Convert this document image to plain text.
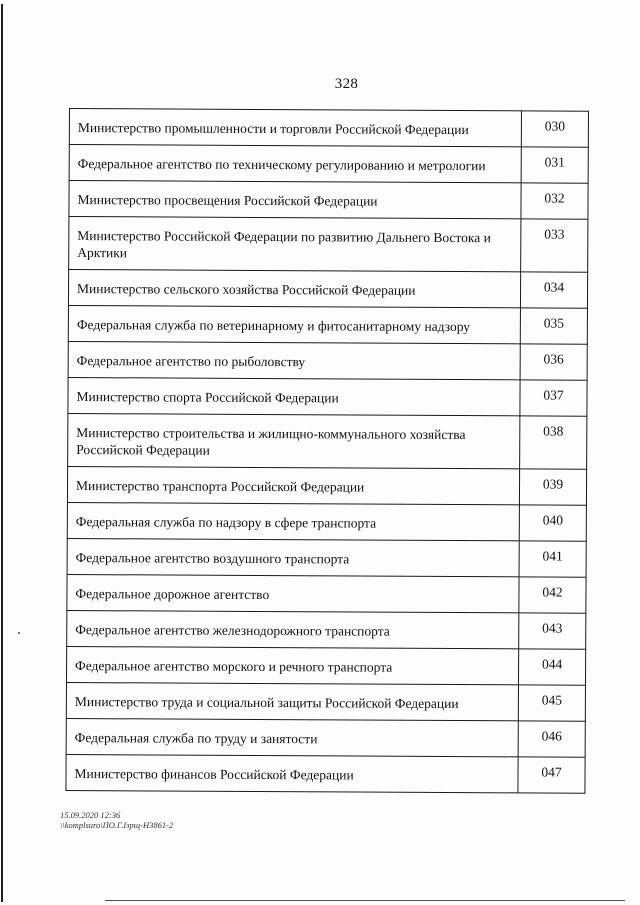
328
Министерство промышленности и торговли Российской Федерации	030
Федеральное агентство по техническому регулированию и метрологии	031
Министерство просвещения Российской Федерации	032
Министерство Российской Федерации по развитию Дальнего Востока и Арктики	033
Министерство сельского хозяйства Российской Федерации	034
Федеральная служба по ветеринарному и фитосанитарному надзору	035
Федеральное агентство по рыболовству	036
Министерство спорта Российской Федерации	037
Министерство строительства и жилищно-коммунального хозяйства Российской Федерации	038
Министерство транспорта Российской Федерации	039
Федеральная служба по надзору в сфере транспорта	040
Федеральное агентство воздушного транспорта	041
Федеральное дорожное агентство	042
Федеральное агентство железнодорожного транспорта	043
Федеральное агентство морского и речного транспорта	044
Министерство труда и социальной защиты Российской Федерации	045
Федеральная служба по труду и занятости	046
Министерство финансов Российской Федерации	047
15.09.2020 12:36
\\komplsuro\ПО.Г.Ізрщ-Н3861-2
